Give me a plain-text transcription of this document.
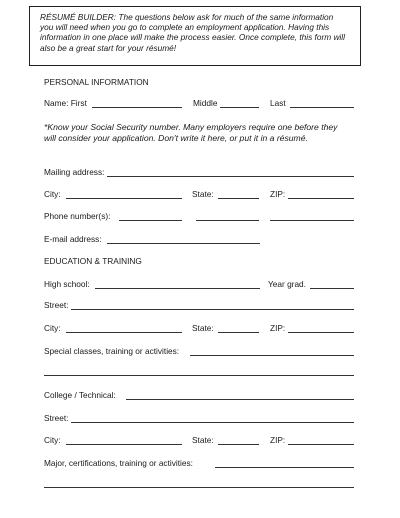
RÉSUMÉ BUILDER: The questions below ask for much of the same information
you will need when you go to complete an employment application. Having this
information in one place will make the process easier. Once complete, this form will
also be a great start for your résumé!
PERSONAL INFORMATION
Name: First	Middle	Last
*Know your Social Security number. Many employers require one before they
will consider your application. Don't write it here, or put it in a résumé.
Mailing address:
City:	State:	ZIP:
Phone number(s):
E-mail address:
EDUCATION & TRAINING
High school:	Year grad.
Street:
City:	State:	ZIP:
Special classes, training or activities:
College / Technical:
Street:
City:	State:	ZIP:
Major, certifications, training or activities:
